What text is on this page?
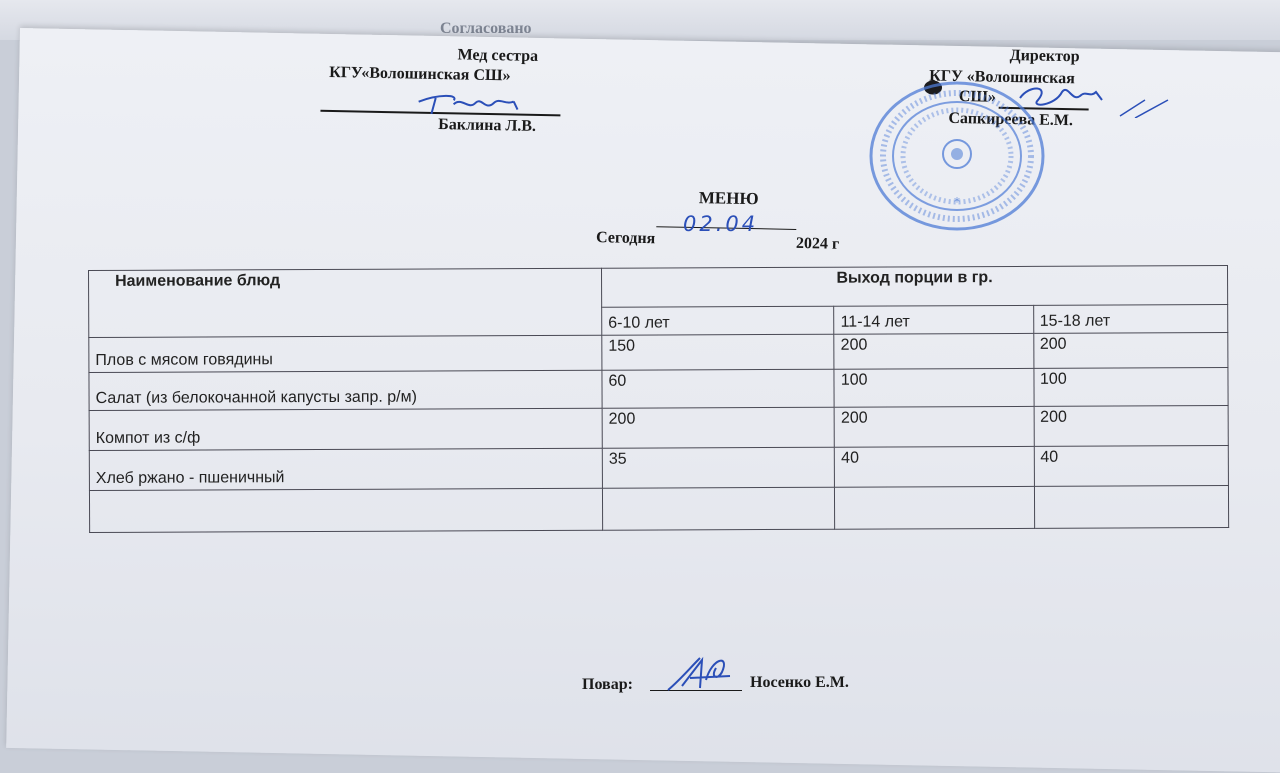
Согласовано
Мед сестра
КГУ«Волошинская СШ»
Баклина Л.В.
Директор
КГУ «Волошинская
СШ»
Сапкиреева Е.М.
Сегодня	2024 г
МЕНЮ
02.04
*
Наименование блюд	Выход порции в гр.		
	6-10 лет	11-14 лет	15-18 лет
Плов с мясом говядины	150	200	200
Салат (из белокочанной капусты запр. р/м)	60	100	100
Компот из с/ф	200	200	200
Хлеб ржано - пшеничный	35	40	40

Повар:	Носенко Е.М.
